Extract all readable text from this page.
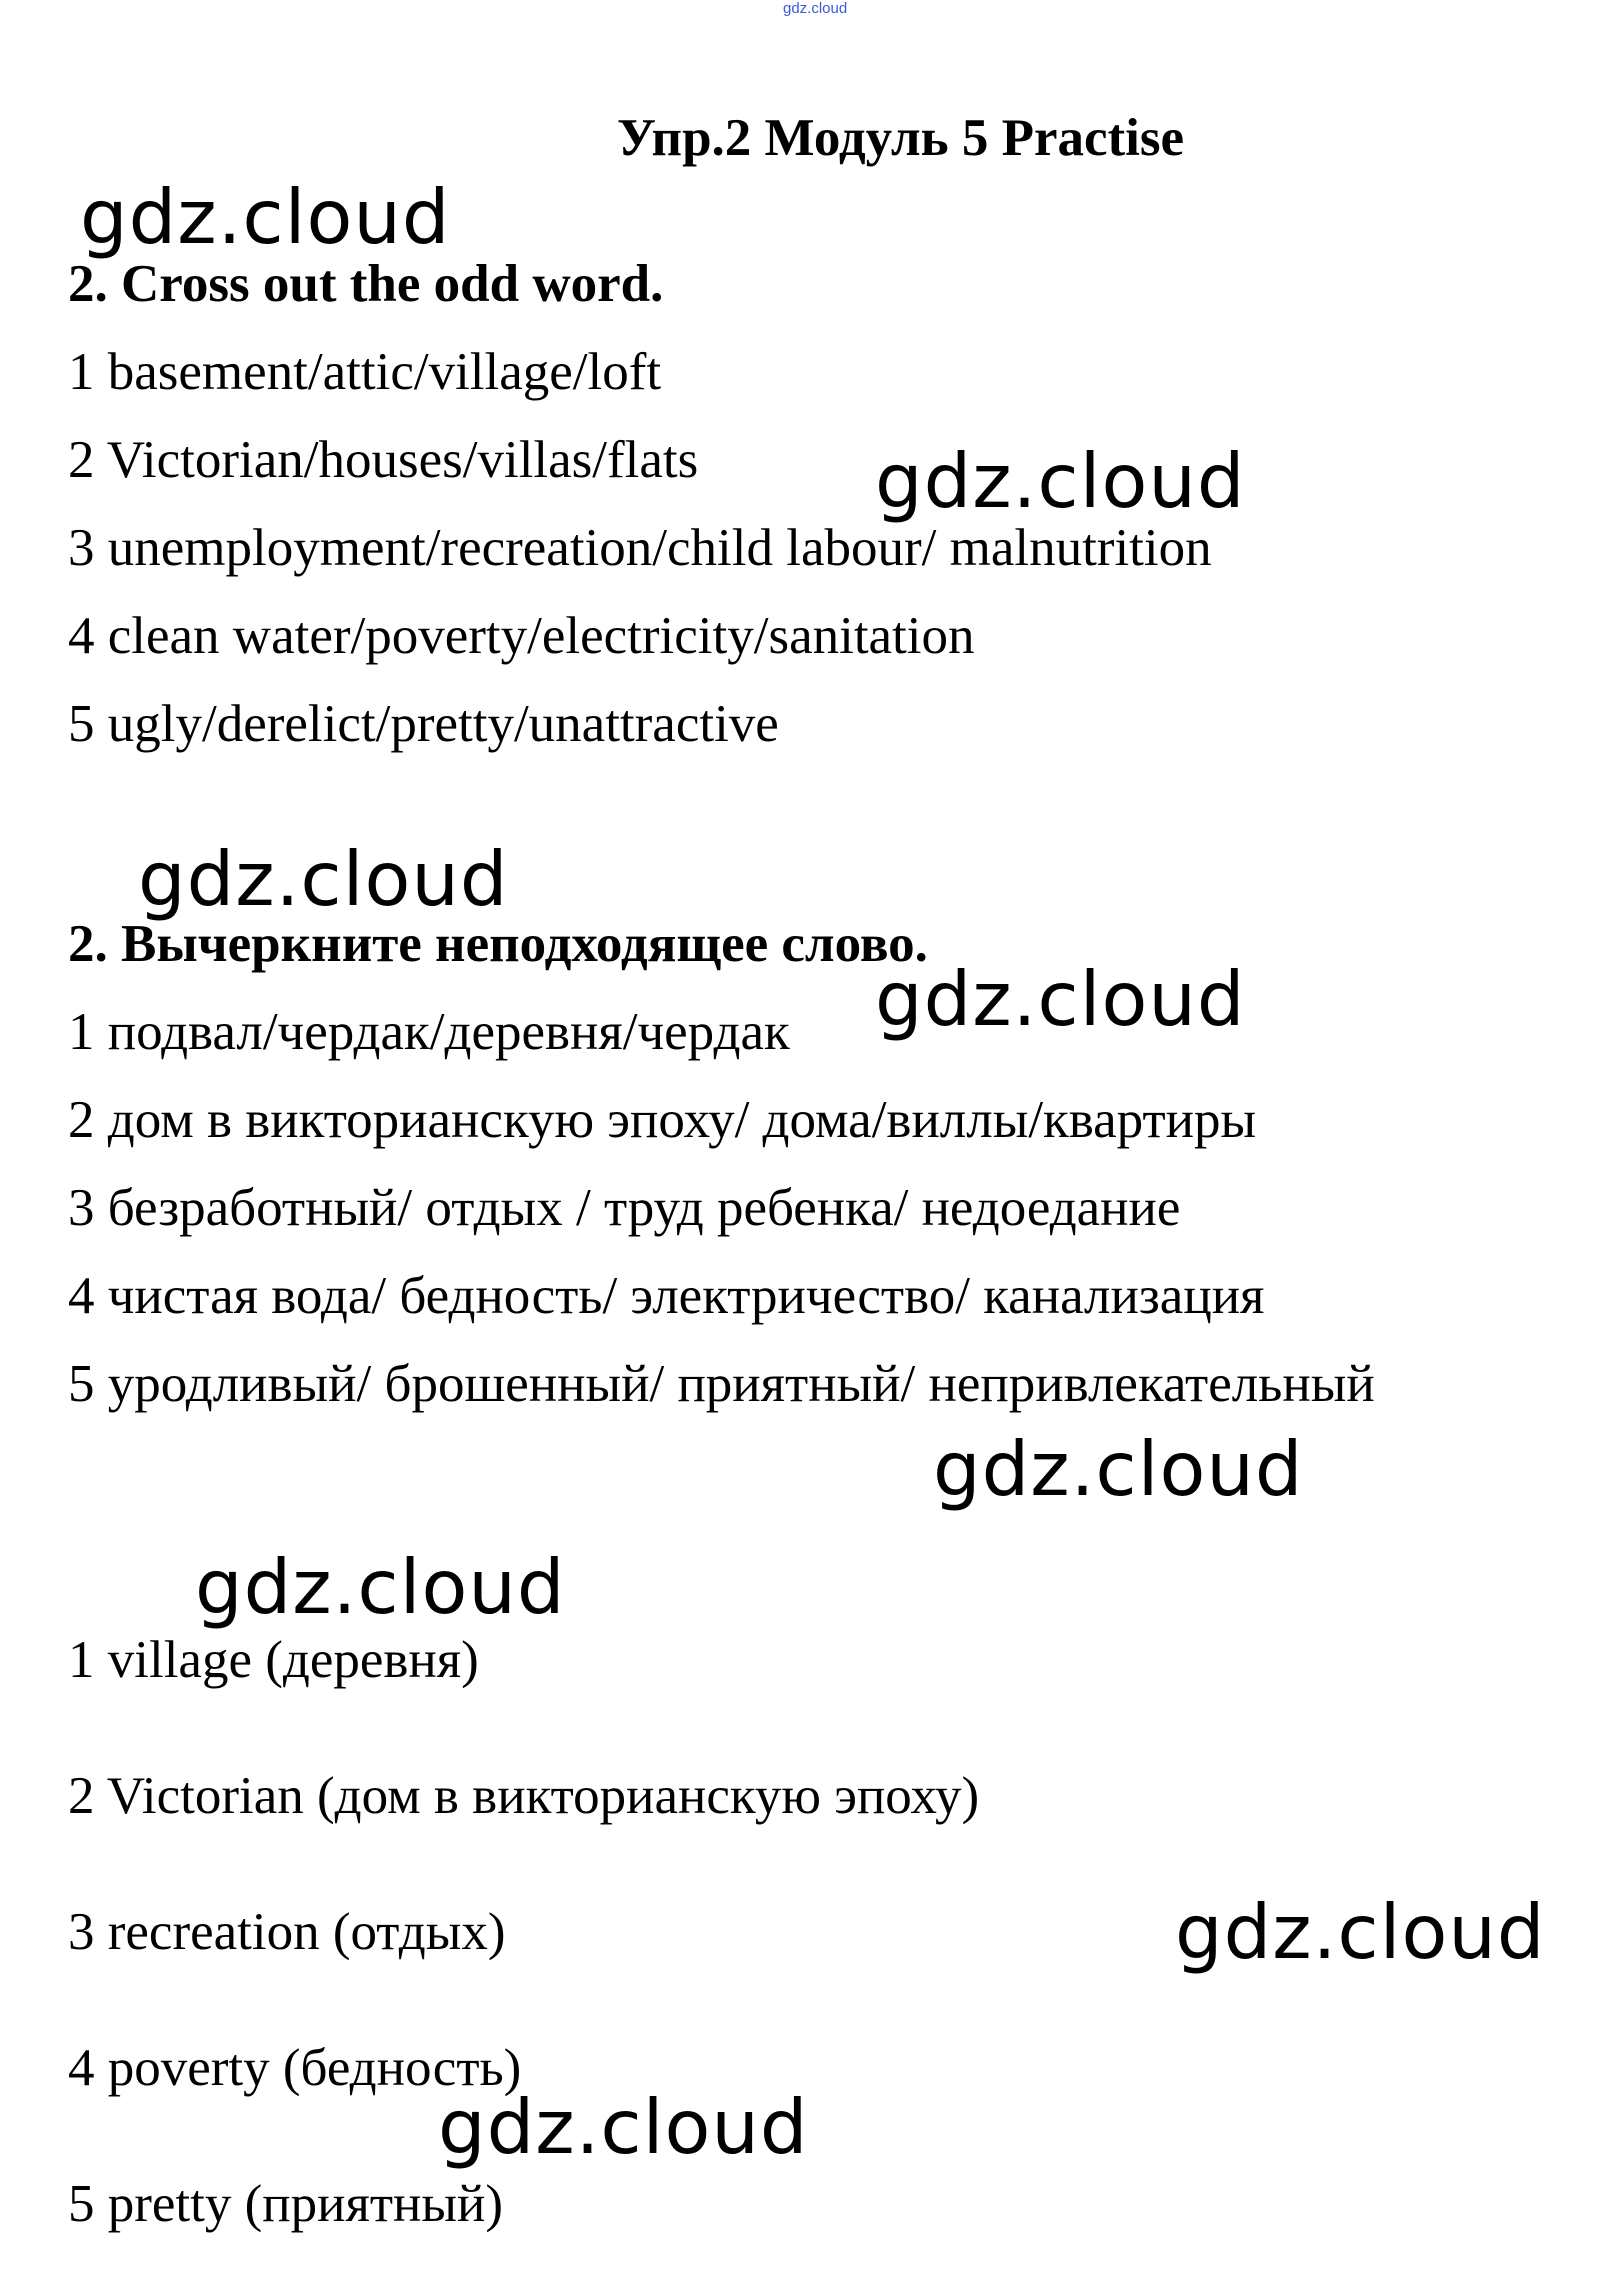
gdz.cloud
Упр.2 Модуль 5 Practise
2. Cross out the odd word.
1 basement/attic/village/loft
2 Victorian/houses/villas/flats
3 unemployment/recreation/child labour/ malnutrition
4 clean water/poverty/electricity/sanitation
5 ugly/derelict/pretty/unattractive
2. Вычеркните неподходящее слово.
1 подвал/чердак/деревня/чердак
2 дом в викторианскую эпоху/ дома/виллы/квартиры
3 безработный/ отдых / труд ребенка/ недоедание
4 чистая вода/ бедность/ электричество/ канализация
5 уродливый/ брошенный/ приятный/ непривлекательный
1 village (деревня)
2 Victorian (дом в викторианскую эпоху)
3 recreation (отдых)
4 poverty (бедность)
5 pretty (приятный)
gdz.cloud
gdz.cloud
gdz.cloud
gdz.cloud
gdz.cloud
gdz.cloud
gdz.cloud
gdz.cloud
